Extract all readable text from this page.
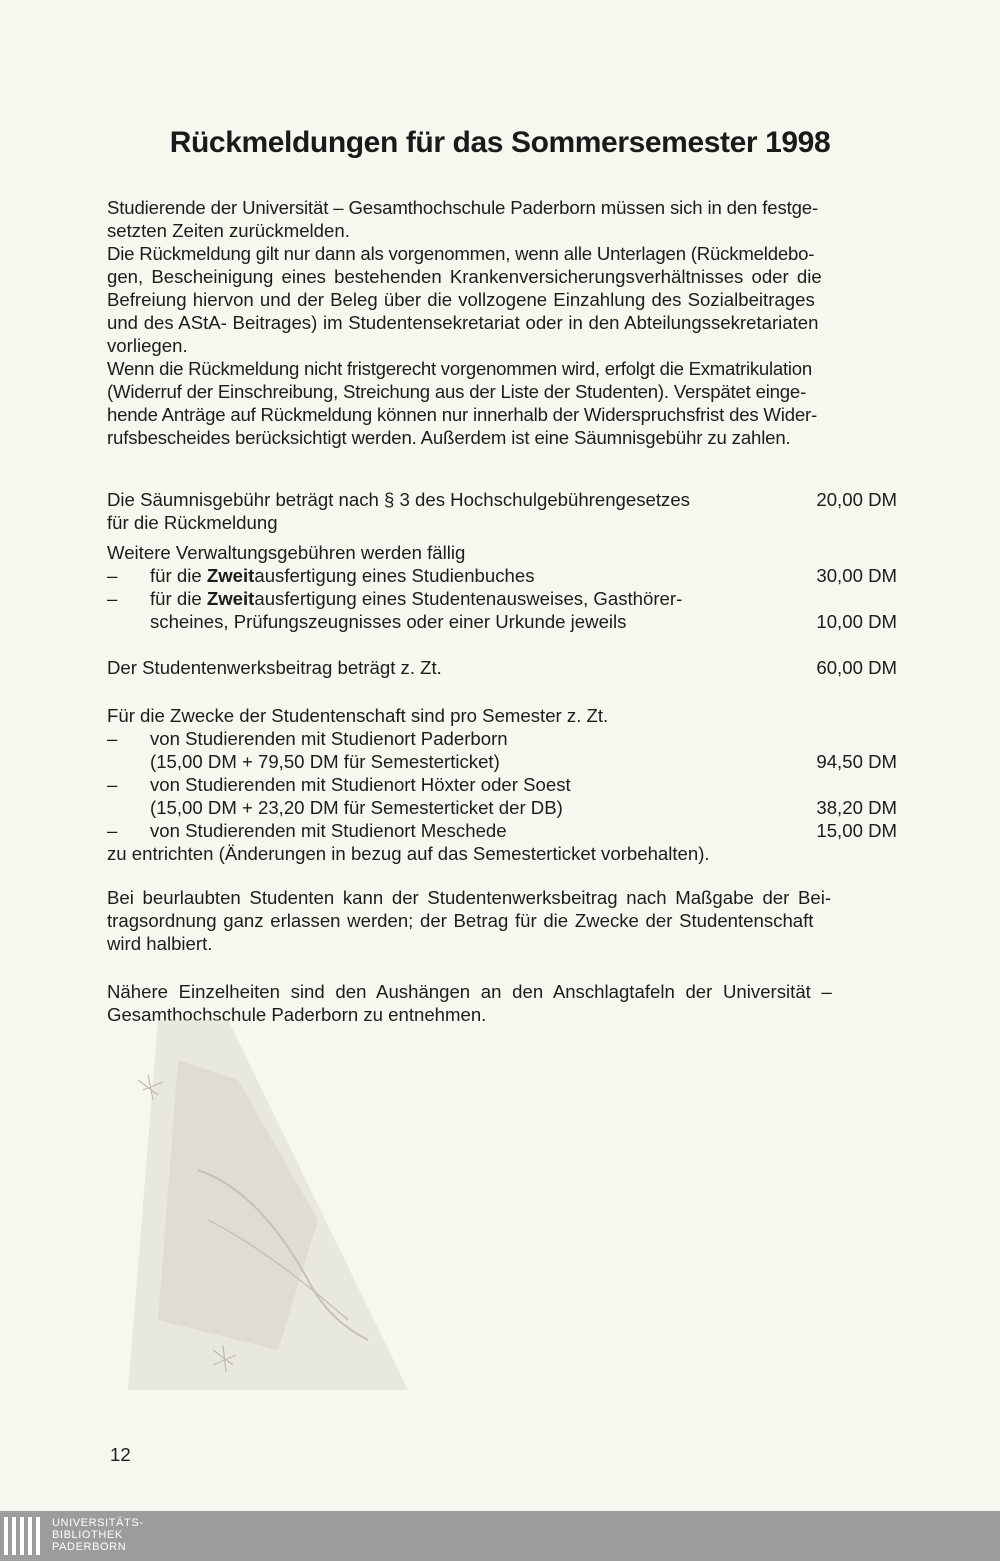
Rückmeldungen für das Sommersemester 1998
Studierende der Universität – Gesamthochschule Paderborn müssen sich in den festge-
setzten Zeiten zurückmelden.
Die Rückmeldung gilt nur dann als vorgenommen, wenn alle Unterlagen (Rückmeldebo-
gen, Bescheinigung eines bestehenden Krankenversicherungsverhältnisses oder die
Befreiung hiervon und der Beleg über die vollzogene Einzahlung des Sozialbeitrages
und des AStA- Beitrages) im Studentensekretariat oder in den Abteilungssekretariaten
vorliegen.
Wenn die Rückmeldung nicht fristgerecht vorgenommen wird, erfolgt die Exmatrikulation
(Widerruf der Einschreibung, Streichung aus der Liste der Studenten). Verspätet einge-
hende Anträge auf Rückmeldung können nur innerhalb der Widerspruchsfrist des Wider-
rufsbescheides berücksichtigt werden. Außerdem ist eine Säumnisgebühr zu zahlen.
Die Säumnisgebühr beträgt nach § 3 des Hochschulgebührengesetzes	20,00 DM
für die Rückmeldung
Weitere Verwaltungsgebühren werden fällig
– für die Zweitausfertigung eines Studienbuches	30,00 DM
– für die Zweitausfertigung eines Studentenausweises, Gasthörer-
scheines, Prüfungszeugnisses oder einer Urkunde jeweils	10,00 DM
Der Studentenwerksbeitrag beträgt z. Zt.	60,00 DM
Für die Zwecke der Studentenschaft sind pro Semester z. Zt.
– von Studierenden mit Studienort Paderborn
(15,00 DM + 79,50 DM für Semesterticket)	94,50 DM
– von Studierenden mit Studienort Höxter oder Soest
(15,00 DM + 23,20 DM für Semesterticket der DB)	38,20 DM
– von Studierenden mit Studienort Meschede	15,00 DM
zu entrichten (Änderungen in bezug auf das Semesterticket vorbehalten).
Bei beurlaubten Studenten kann der Studentenwerksbeitrag nach Maßgabe der Bei-
tragsordnung ganz erlassen werden; der Betrag für die Zwecke der Studentenschaft
wird halbiert.
Nähere Einzelheiten sind den Aushängen an den Anschlagtafeln der Universität –
Gesamthochschule Paderborn zu entnehmen.
12
UNIVERSITÄTS-
BIBLIOTHEK
PADERBORN
